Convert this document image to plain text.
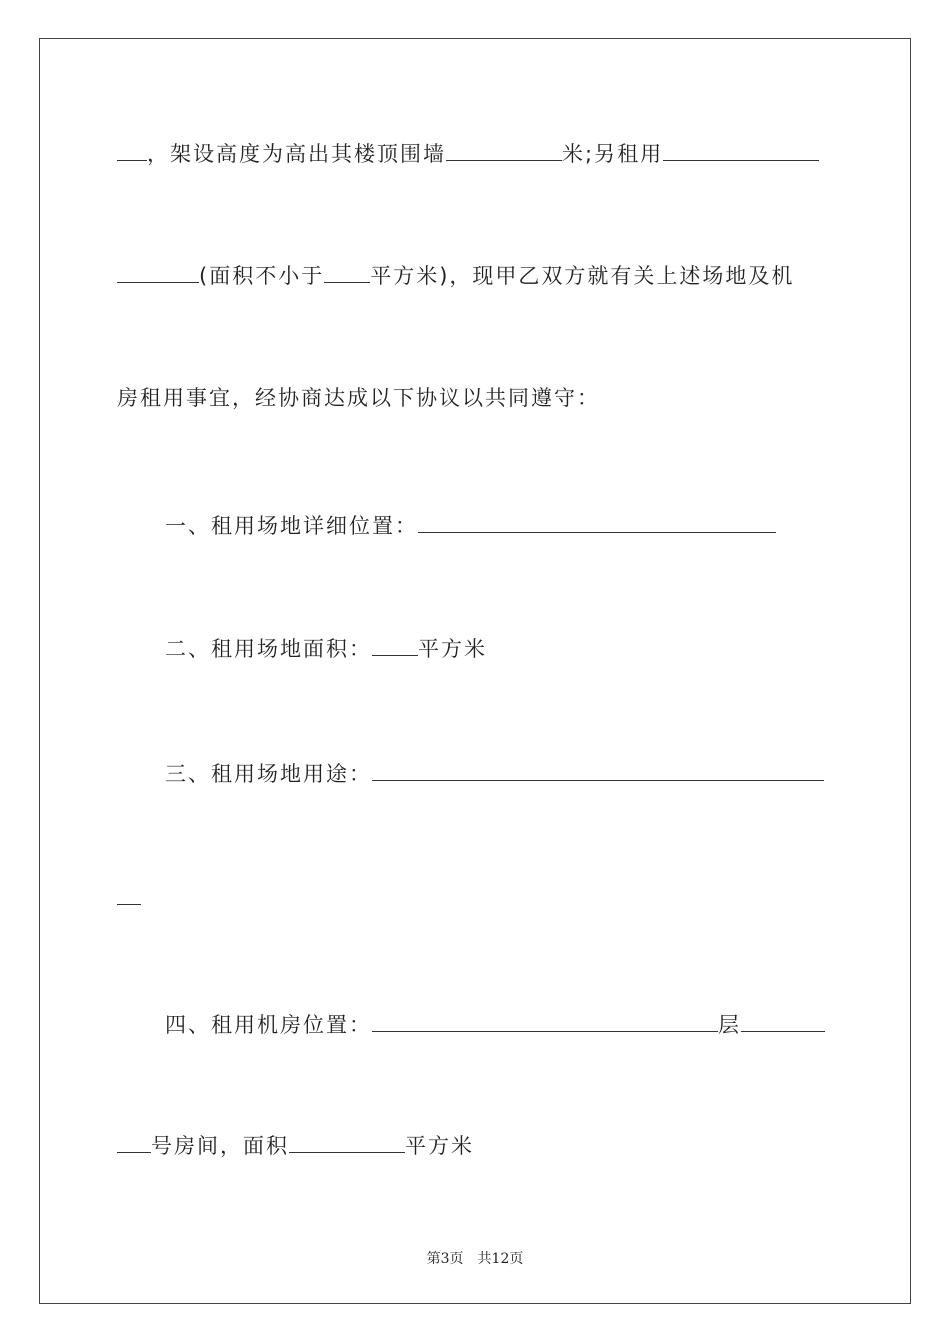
，架设高度为高出其楼顶围墙	米;另租用
(面积不小于 平方米)，现甲乙双方就有关上述场地及机
房租用事宜，经协商达成以下协议以共同遵守：
一、租用场地详细位置：
二、租用场地面积： 平方米
三、租用场地用途：
四、租用机房位置：	层
号房间，面积	平方米
第3页 共12页
